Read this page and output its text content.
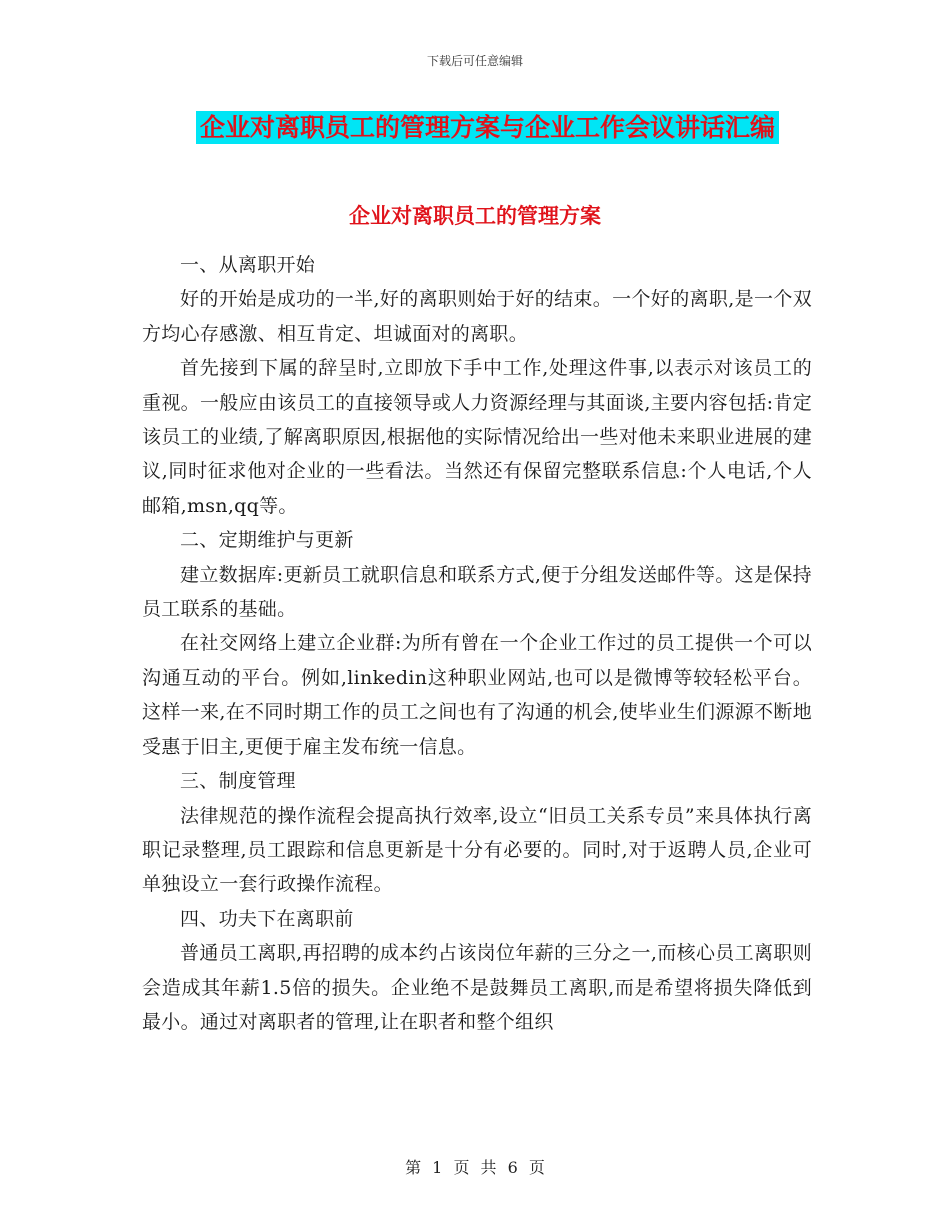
下载后可任意编辑
企业对离职员工的管理方案与企业工作会议讲话汇编
企业对离职员工的管理方案

一、从离职开始

好的开始是成功的一半,好的离职则始于好的结束。一个好的离职,是一个双方均心存感激、相互肯定、坦诚面对的离职。

首先接到下属的辞呈时,立即放下手中工作,处理这件事,以表示对该员工的重视。一般应由该员工的直接领导或人力资源经理与其面谈,主要内容包括:肯定该员工的业绩,了解离职原因,根据他的实际情况给出一些对他未来职业进展的建议,同时征求他对企业的一些看法。当然还有保留完整联系信息:个人电话,个人邮箱,msn,qq等。

二、定期维护与更新

建立数据库:更新员工就职信息和联系方式,便于分组发送邮件等。这是保持员工联系的基础。

在社交网络上建立企业群:为所有曾在一个企业工作过的员工提供一个可以沟通互动的平台。例如,linkedin这种职业网站,也可以是微博等较轻松平台。这样一来,在不同时期工作的员工之间也有了沟通的机会,使毕业生们源源不断地受惠于旧主,更便于雇主发布统一信息。

三、制度管理

法律规范的操作流程会提高执行效率,设立“旧员工关系专员”来具体执行离职记录整理,员工跟踪和信息更新是十分有必要的。同时,对于返聘人员,企业可单独设立一套行政操作流程。

四、功夫下在离职前

普通员工离职,再招聘的成本约占该岗位年薪的三分之一,而核心员工离职则会造成其年薪1.5倍的损失。企业绝不是鼓舞员工离职,而是希望将损失降低到最小。通过对离职者的管理,让在职者和整个组织

第 1 页 共 6 页
